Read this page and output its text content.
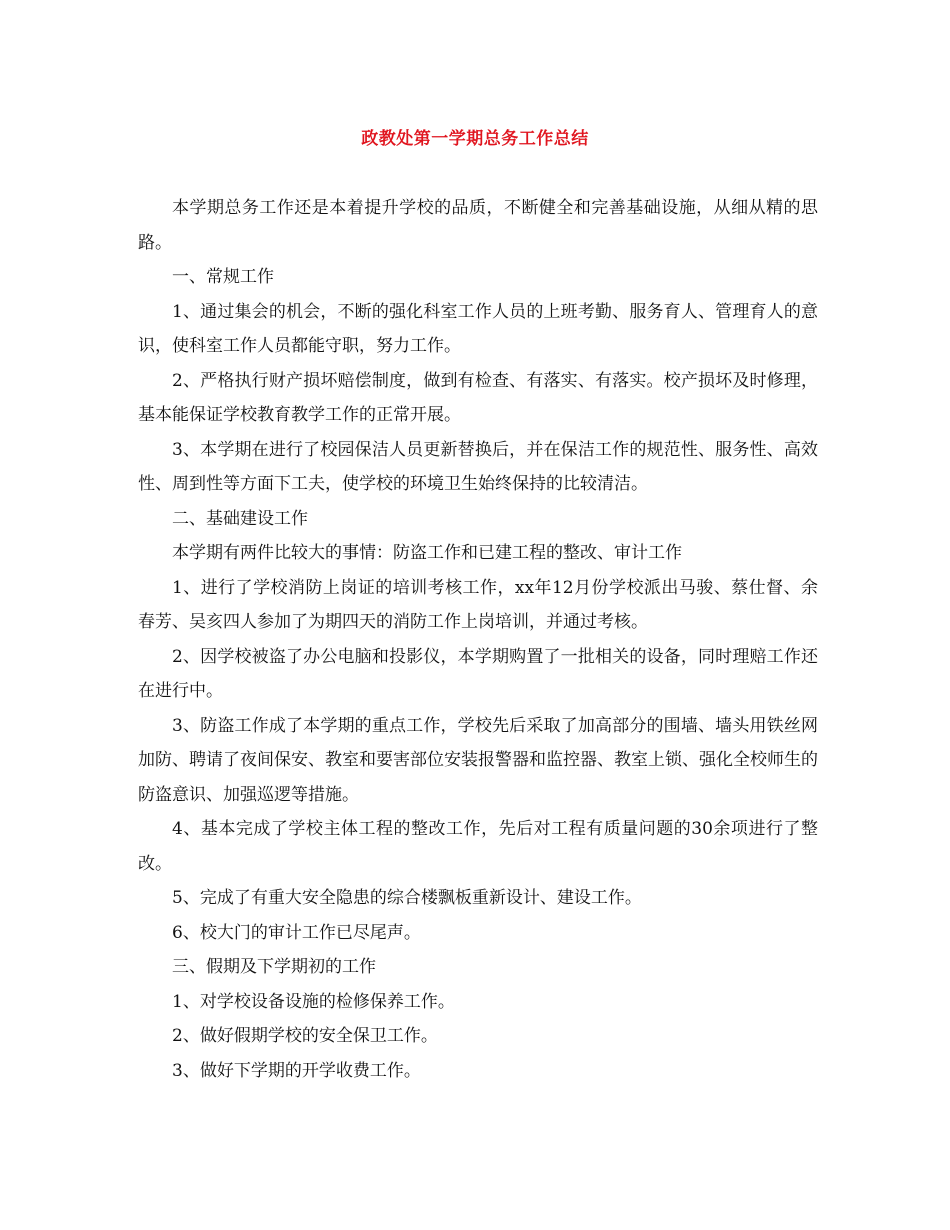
政教处第一学期总务工作总结

本学期总务工作还是本着提升学校的品质，不断健全和完善基础设施，从细从精的思路。

一、常规工作

1、通过集会的机会，不断的强化科室工作人员的上班考勤、服务育人、管理育人的意识，使科室工作人员都能守职，努力工作。

2、严格执行财产损坏赔偿制度，做到有检查、有落实、有落实。校产损坏及时修理，基本能保证学校教育教学工作的正常开展。

3、本学期在进行了校园保洁人员更新替换后，并在保洁工作的规范性、服务性、高效性、周到性等方面下工夫，使学校的环境卫生始终保持的比较清洁。

二、基础建设工作

本学期有两件比较大的事情：防盗工作和已建工程的整改、审计工作

1、进行了学校消防上岗证的培训考核工作，xx年12月份学校派出马骏、蔡仕督、余春芳、吴亥四人参加了为期四天的消防工作上岗培训，并通过考核。

2、因学校被盗了办公电脑和投影仪，本学期购置了一批相关的设备，同时理赔工作还在进行中。

3、防盗工作成了本学期的重点工作，学校先后采取了加高部分的围墙、墙头用铁丝网加防、聘请了夜间保安、教室和要害部位安装报警器和监控器、教室上锁、强化全校师生的防盗意识、加强巡逻等措施。

4、基本完成了学校主体工程的整改工作，先后对工程有质量问题的30余项进行了整改。

5、完成了有重大安全隐患的综合楼飘板重新设计、建设工作。

6、校大门的审计工作已尽尾声。

三、假期及下学期初的工作

1、对学校设备设施的检修保养工作。

2、做好假期学校的安全保卫工作。

3、做好下学期的开学收费工作。
